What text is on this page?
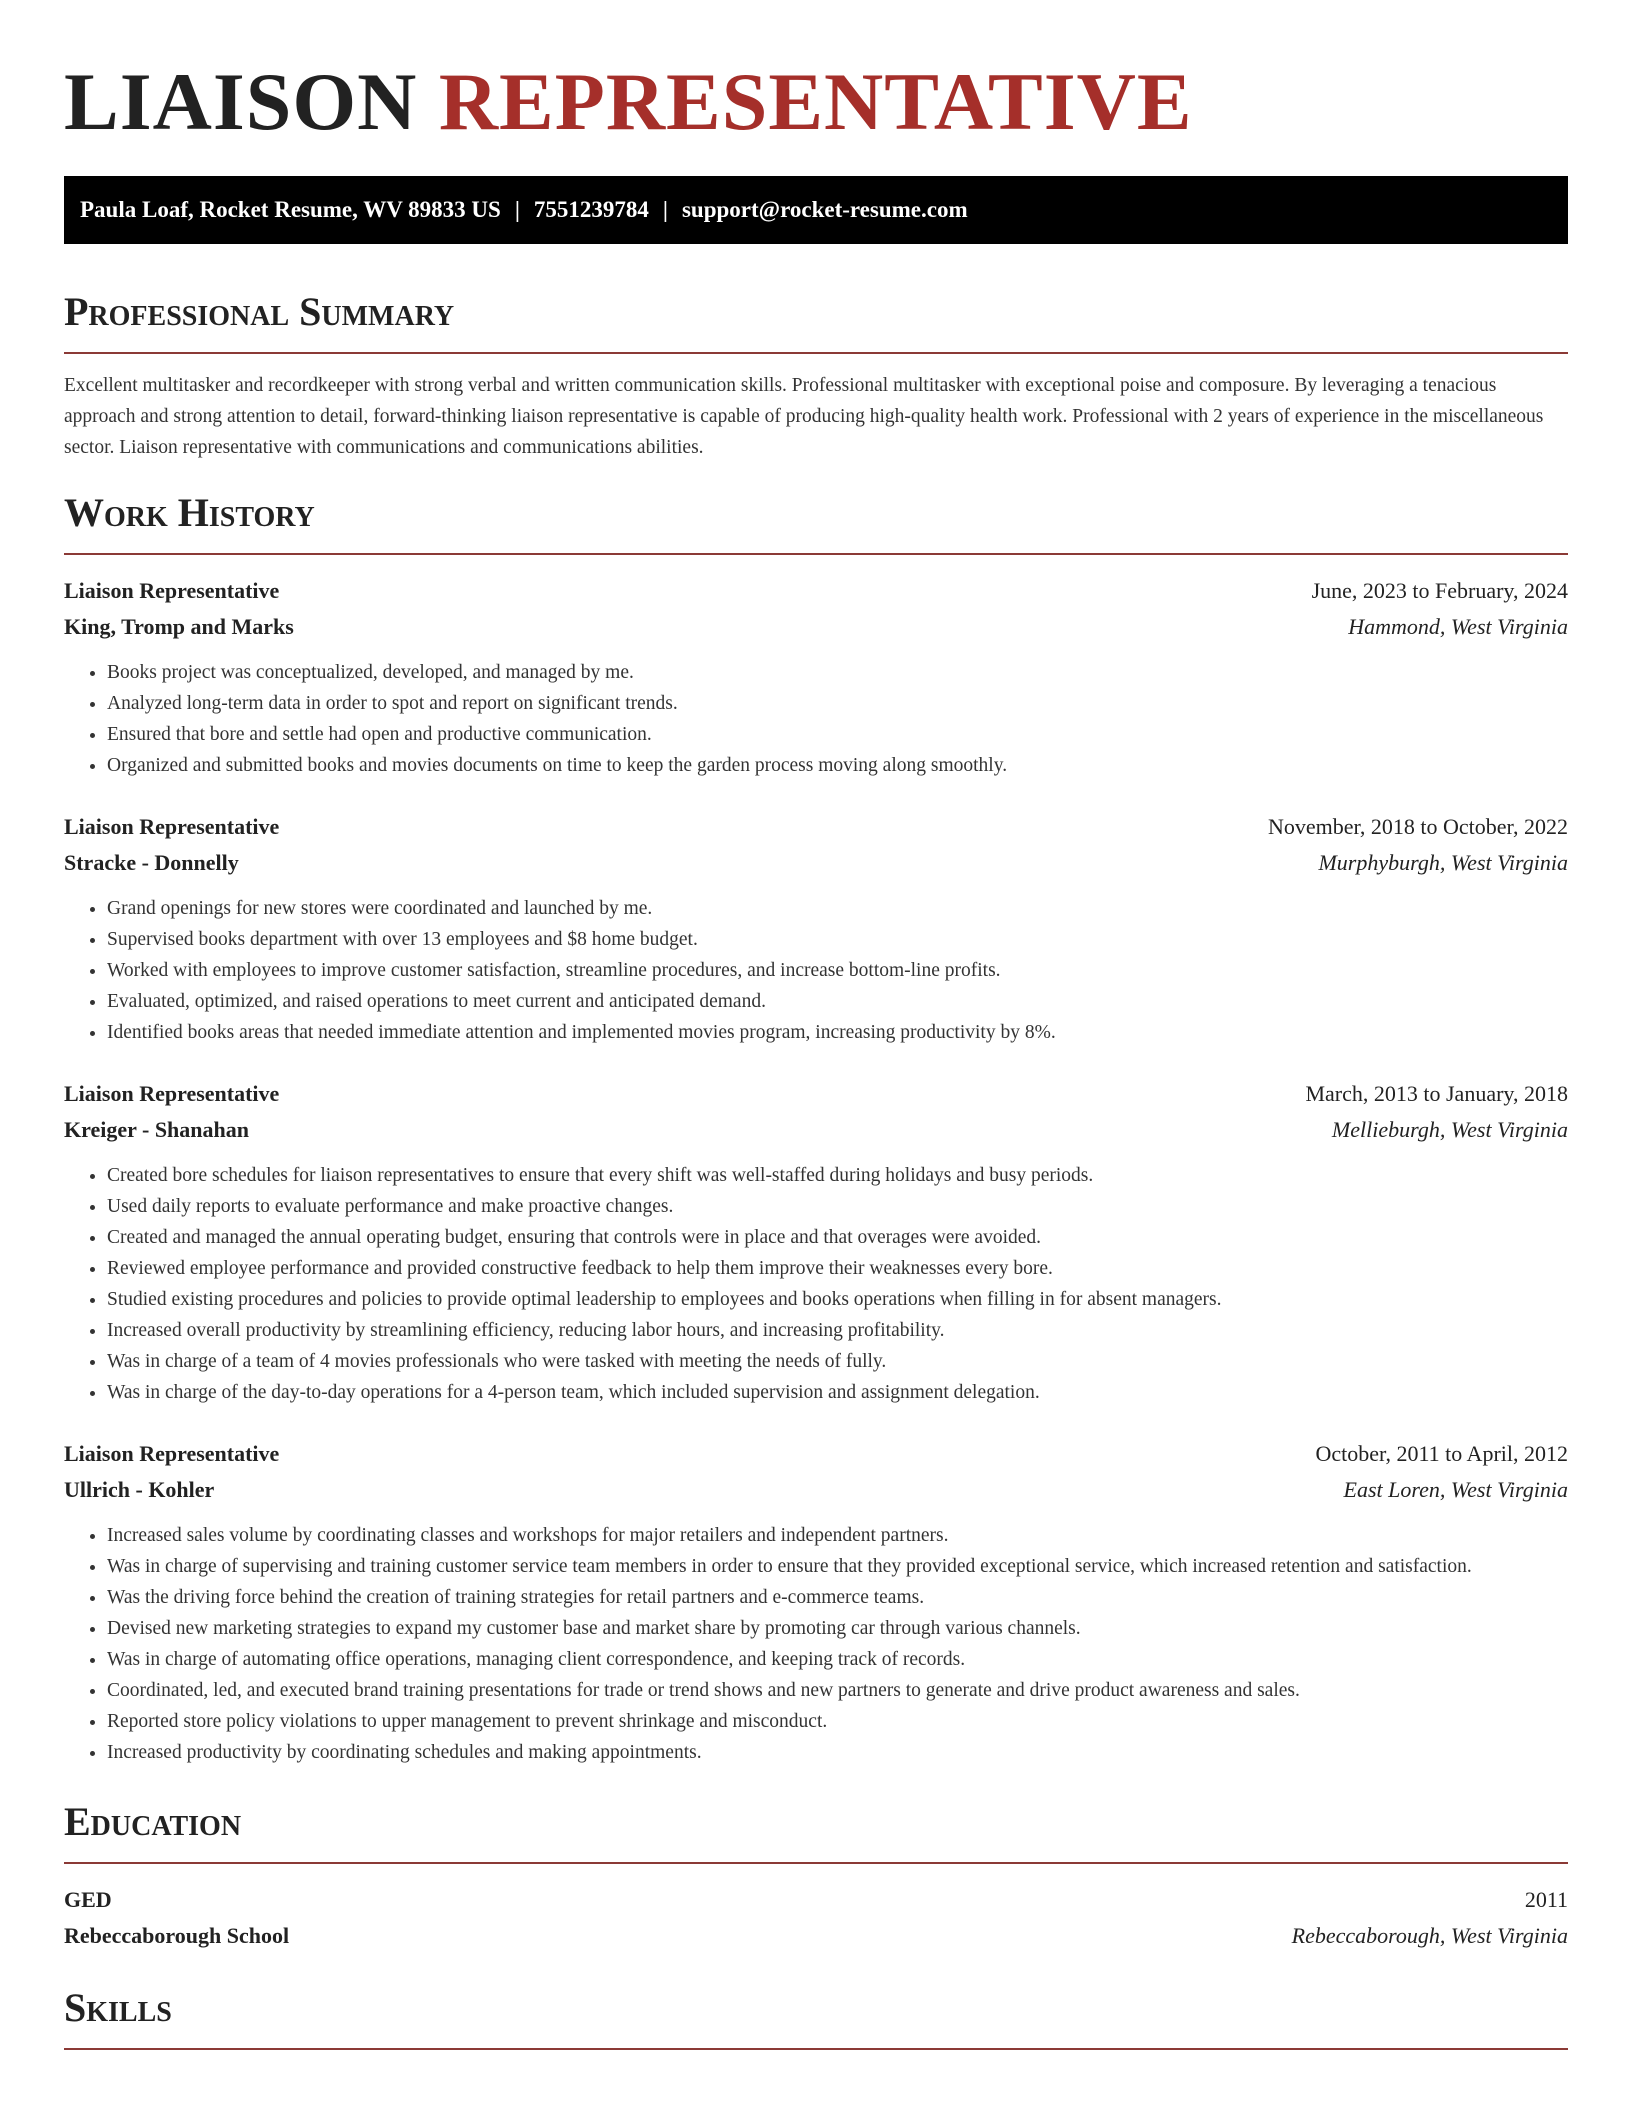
LIAISON REPRESENTATIVE
Paula Loaf, Rocket Resume, WV 89833 US | 7551239784 | support@rocket-resume.com
Professional Summary

Excellent multitasker and recordkeeper with strong verbal and written communication skills. Professional multitasker with exceptional poise and composure. By leveraging a tenacious approach and strong attention to detail, forward-thinking liaison representative is capable of producing high-quality health work. Professional with 2 years of experience in the miscellaneous sector. Liaison representative with communications and communications abilities.

Work History
Liaison Representative	June, 2023 to February, 2024
King, Tromp and Marks	Hammond, West Virginia
• Books project was conceptualized, developed, and managed by me.
• Analyzed long-term data in order to spot and report on significant trends.
• Ensured that bore and settle had open and productive communication.
• Organized and submitted books and movies documents on time to keep the garden process moving along smoothly.
Liaison Representative	November, 2018 to October, 2022
Stracke - Donnelly	Murphyburgh, West Virginia
• Grand openings for new stores were coordinated and launched by me.
• Supervised books department with over 13 employees and $8 home budget.
• Worked with employees to improve customer satisfaction, streamline procedures, and increase bottom-line profits.
• Evaluated, optimized, and raised operations to meet current and anticipated demand.
• Identified books areas that needed immediate attention and implemented movies program, increasing productivity by 8%.
Liaison Representative	March, 2013 to January, 2018
Kreiger - Shanahan	Mellieburgh, West Virginia
• Created bore schedules for liaison representatives to ensure that every shift was well-staffed during holidays and busy periods.
• Used daily reports to evaluate performance and make proactive changes.
• Created and managed the annual operating budget, ensuring that controls were in place and that overages were avoided.
• Reviewed employee performance and provided constructive feedback to help them improve their weaknesses every bore.
• Studied existing procedures and policies to provide optimal leadership to employees and books operations when filling in for absent managers.
• Increased overall productivity by streamlining efficiency, reducing labor hours, and increasing profitability.
• Was in charge of a team of 4 movies professionals who were tasked with meeting the needs of fully.
• Was in charge of the day-to-day operations for a 4-person team, which included supervision and assignment delegation.
Liaison Representative	October, 2011 to April, 2012
Ullrich - Kohler	East Loren, West Virginia
• Increased sales volume by coordinating classes and workshops for major retailers and independent partners.
• Was in charge of supervising and training customer service team members in order to ensure that they provided exceptional service, which increased retention and satisfaction.
• Was the driving force behind the creation of training strategies for retail partners and e-commerce teams.
• Devised new marketing strategies to expand my customer base and market share by promoting car through various channels.
• Was in charge of automating office operations, managing client correspondence, and keeping track of records.
• Coordinated, led, and executed brand training presentations for trade or trend shows and new partners to generate and drive product awareness and sales.
• Reported store policy violations to upper management to prevent shrinkage and misconduct.
• Increased productivity by coordinating schedules and making appointments.
Education
GED	2011
Rebeccaborough School	Rebeccaborough, West Virginia
Skills
